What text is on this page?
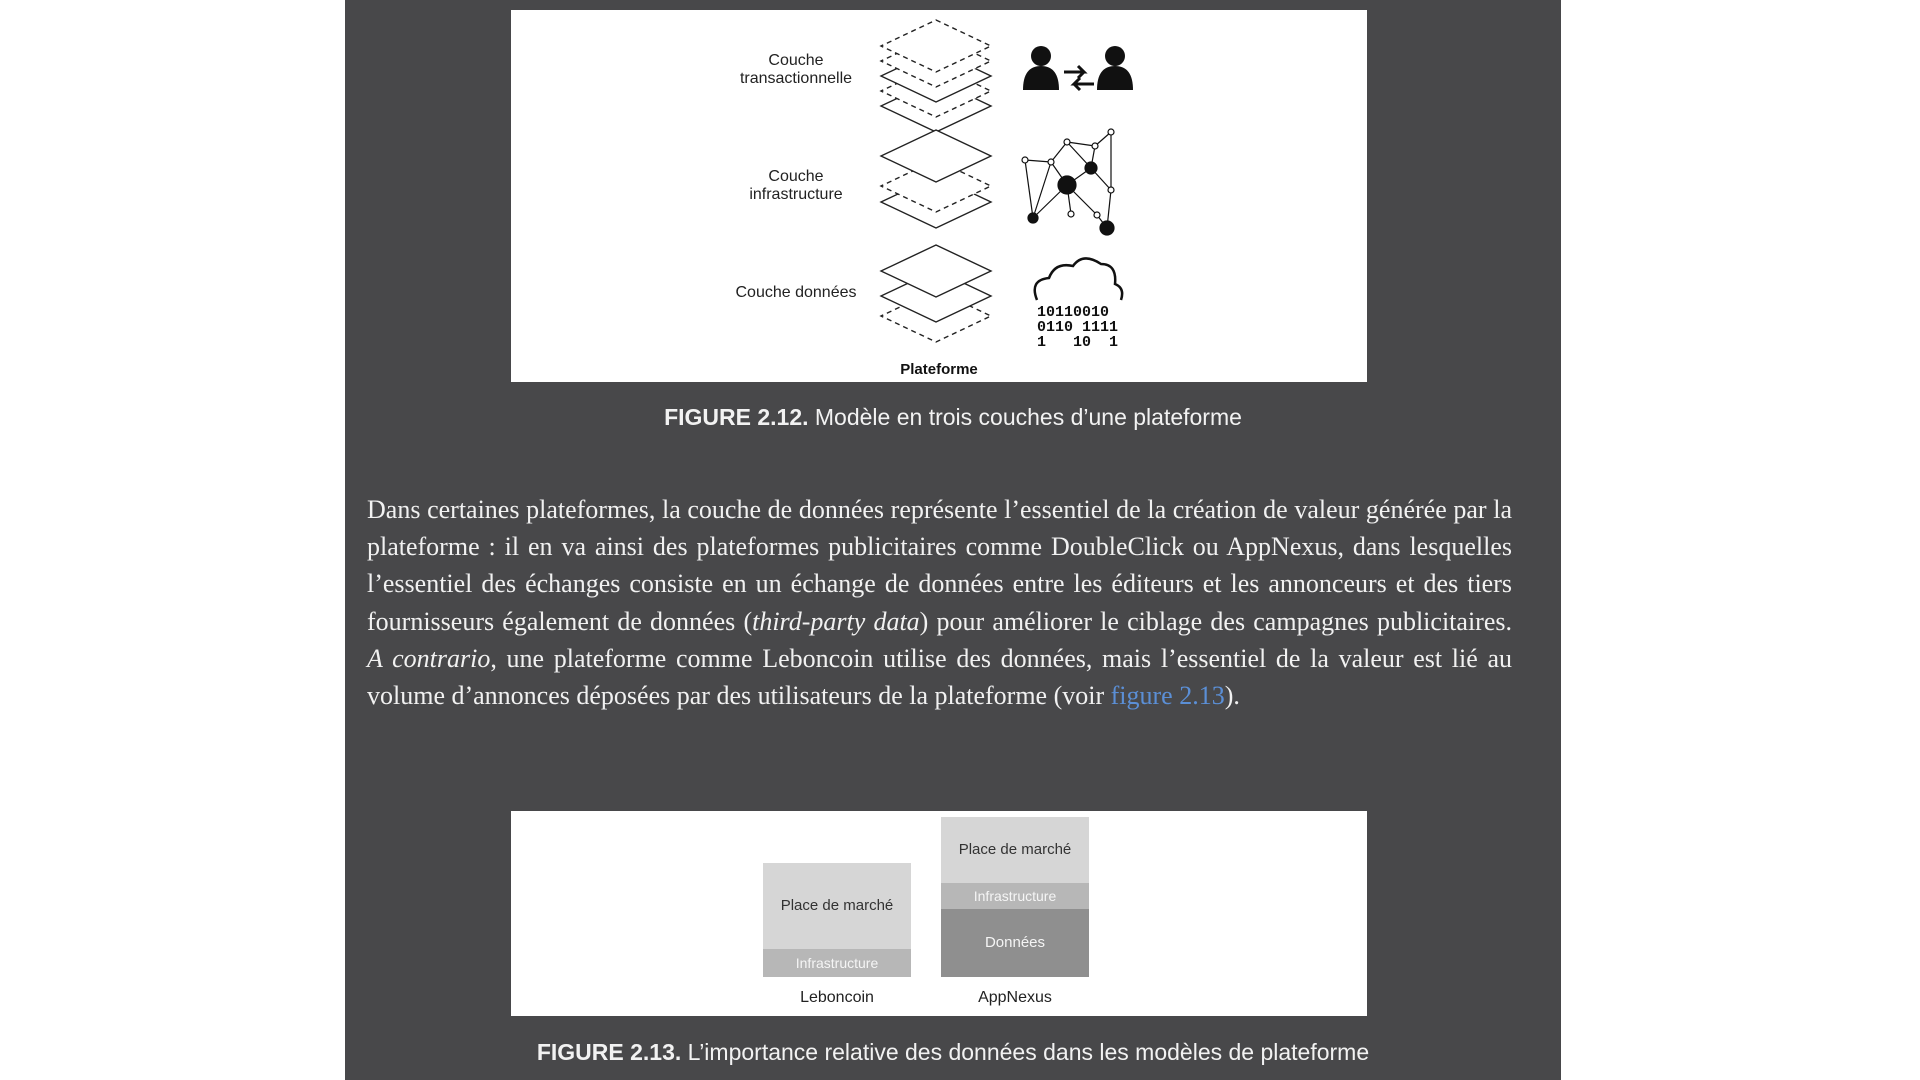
Couche
transactionnelle
Couche
infrastructure
Couche données
10110010
0110 1111
1   10  1
Plateforme
FIGURE 2.12. Modèle en trois couches d’une plateforme
Dans certaines plateformes, la couche de données représente l’essentiel de la création de valeur générée par la plateforme : il en va ainsi des plateformes publicitaires comme DoubleClick ou AppNexus, dans lesquelles l’essentiel des échanges consiste en un échange de données entre les éditeurs et les annonceurs et des tiers fournisseurs également de données (third-party data) pour améliorer le ciblage des campagnes publicitaires. A contrario, une plateforme comme Leboncoin utilise des données, mais l’essentiel de la valeur est lié au volume d’annonces déposées par des utilisateurs de la plateforme (voir figure 2.13).
Place de marché
Infrastructure
Leboncoin
Place de marché
Infrastructure
Données
AppNexus
FIGURE 2.13. L’importance relative des données dans les modèles de plateforme
